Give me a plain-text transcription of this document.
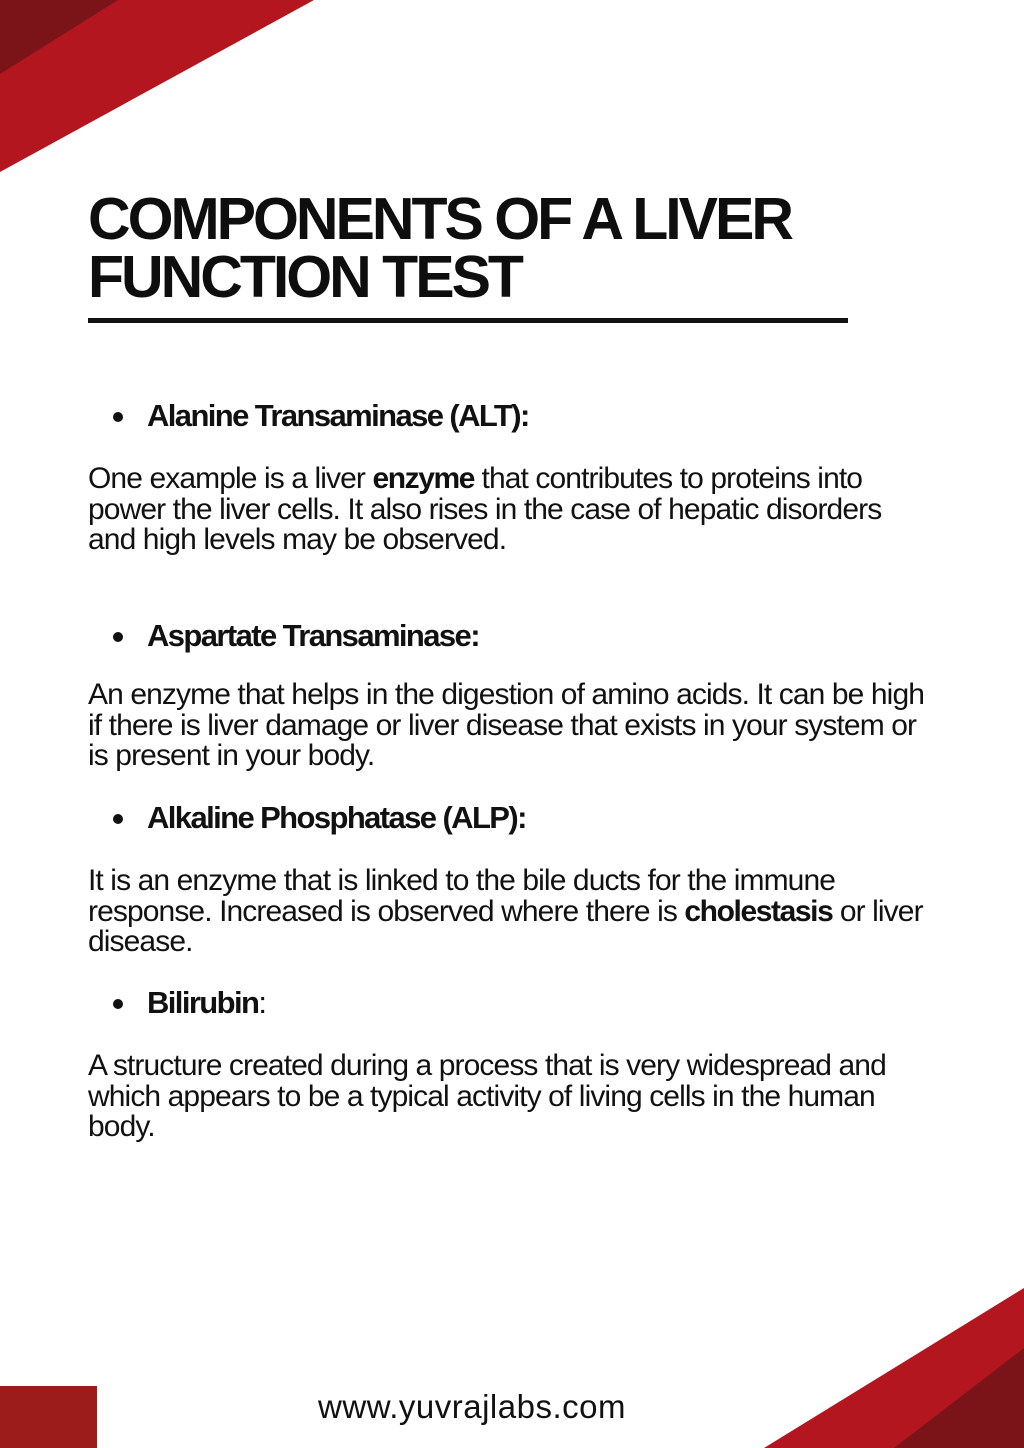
COMPONENTS OF A LIVER FUNCTION TEST
Alanine Transaminase (ALT):

One example is a liver enzyme that contributes to proteins into power the liver cells. It also rises in the case of hepatic disorders and high levels may be observed.

Aspartate Transaminase:

An enzyme that helps in the digestion of amino acids. It can be high if there is liver damage or liver disease that exists in your system or is present in your body.

Alkaline Phosphatase (ALP):

It is an enzyme that is linked to the bile ducts for the immune response. Increased is observed where there is cholestasis or liver disease.

Bilirubin:

A structure created during a process that is very widespread and which appears to be a typical activity of living cells in the human body.

www.yuvrajlabs.com
